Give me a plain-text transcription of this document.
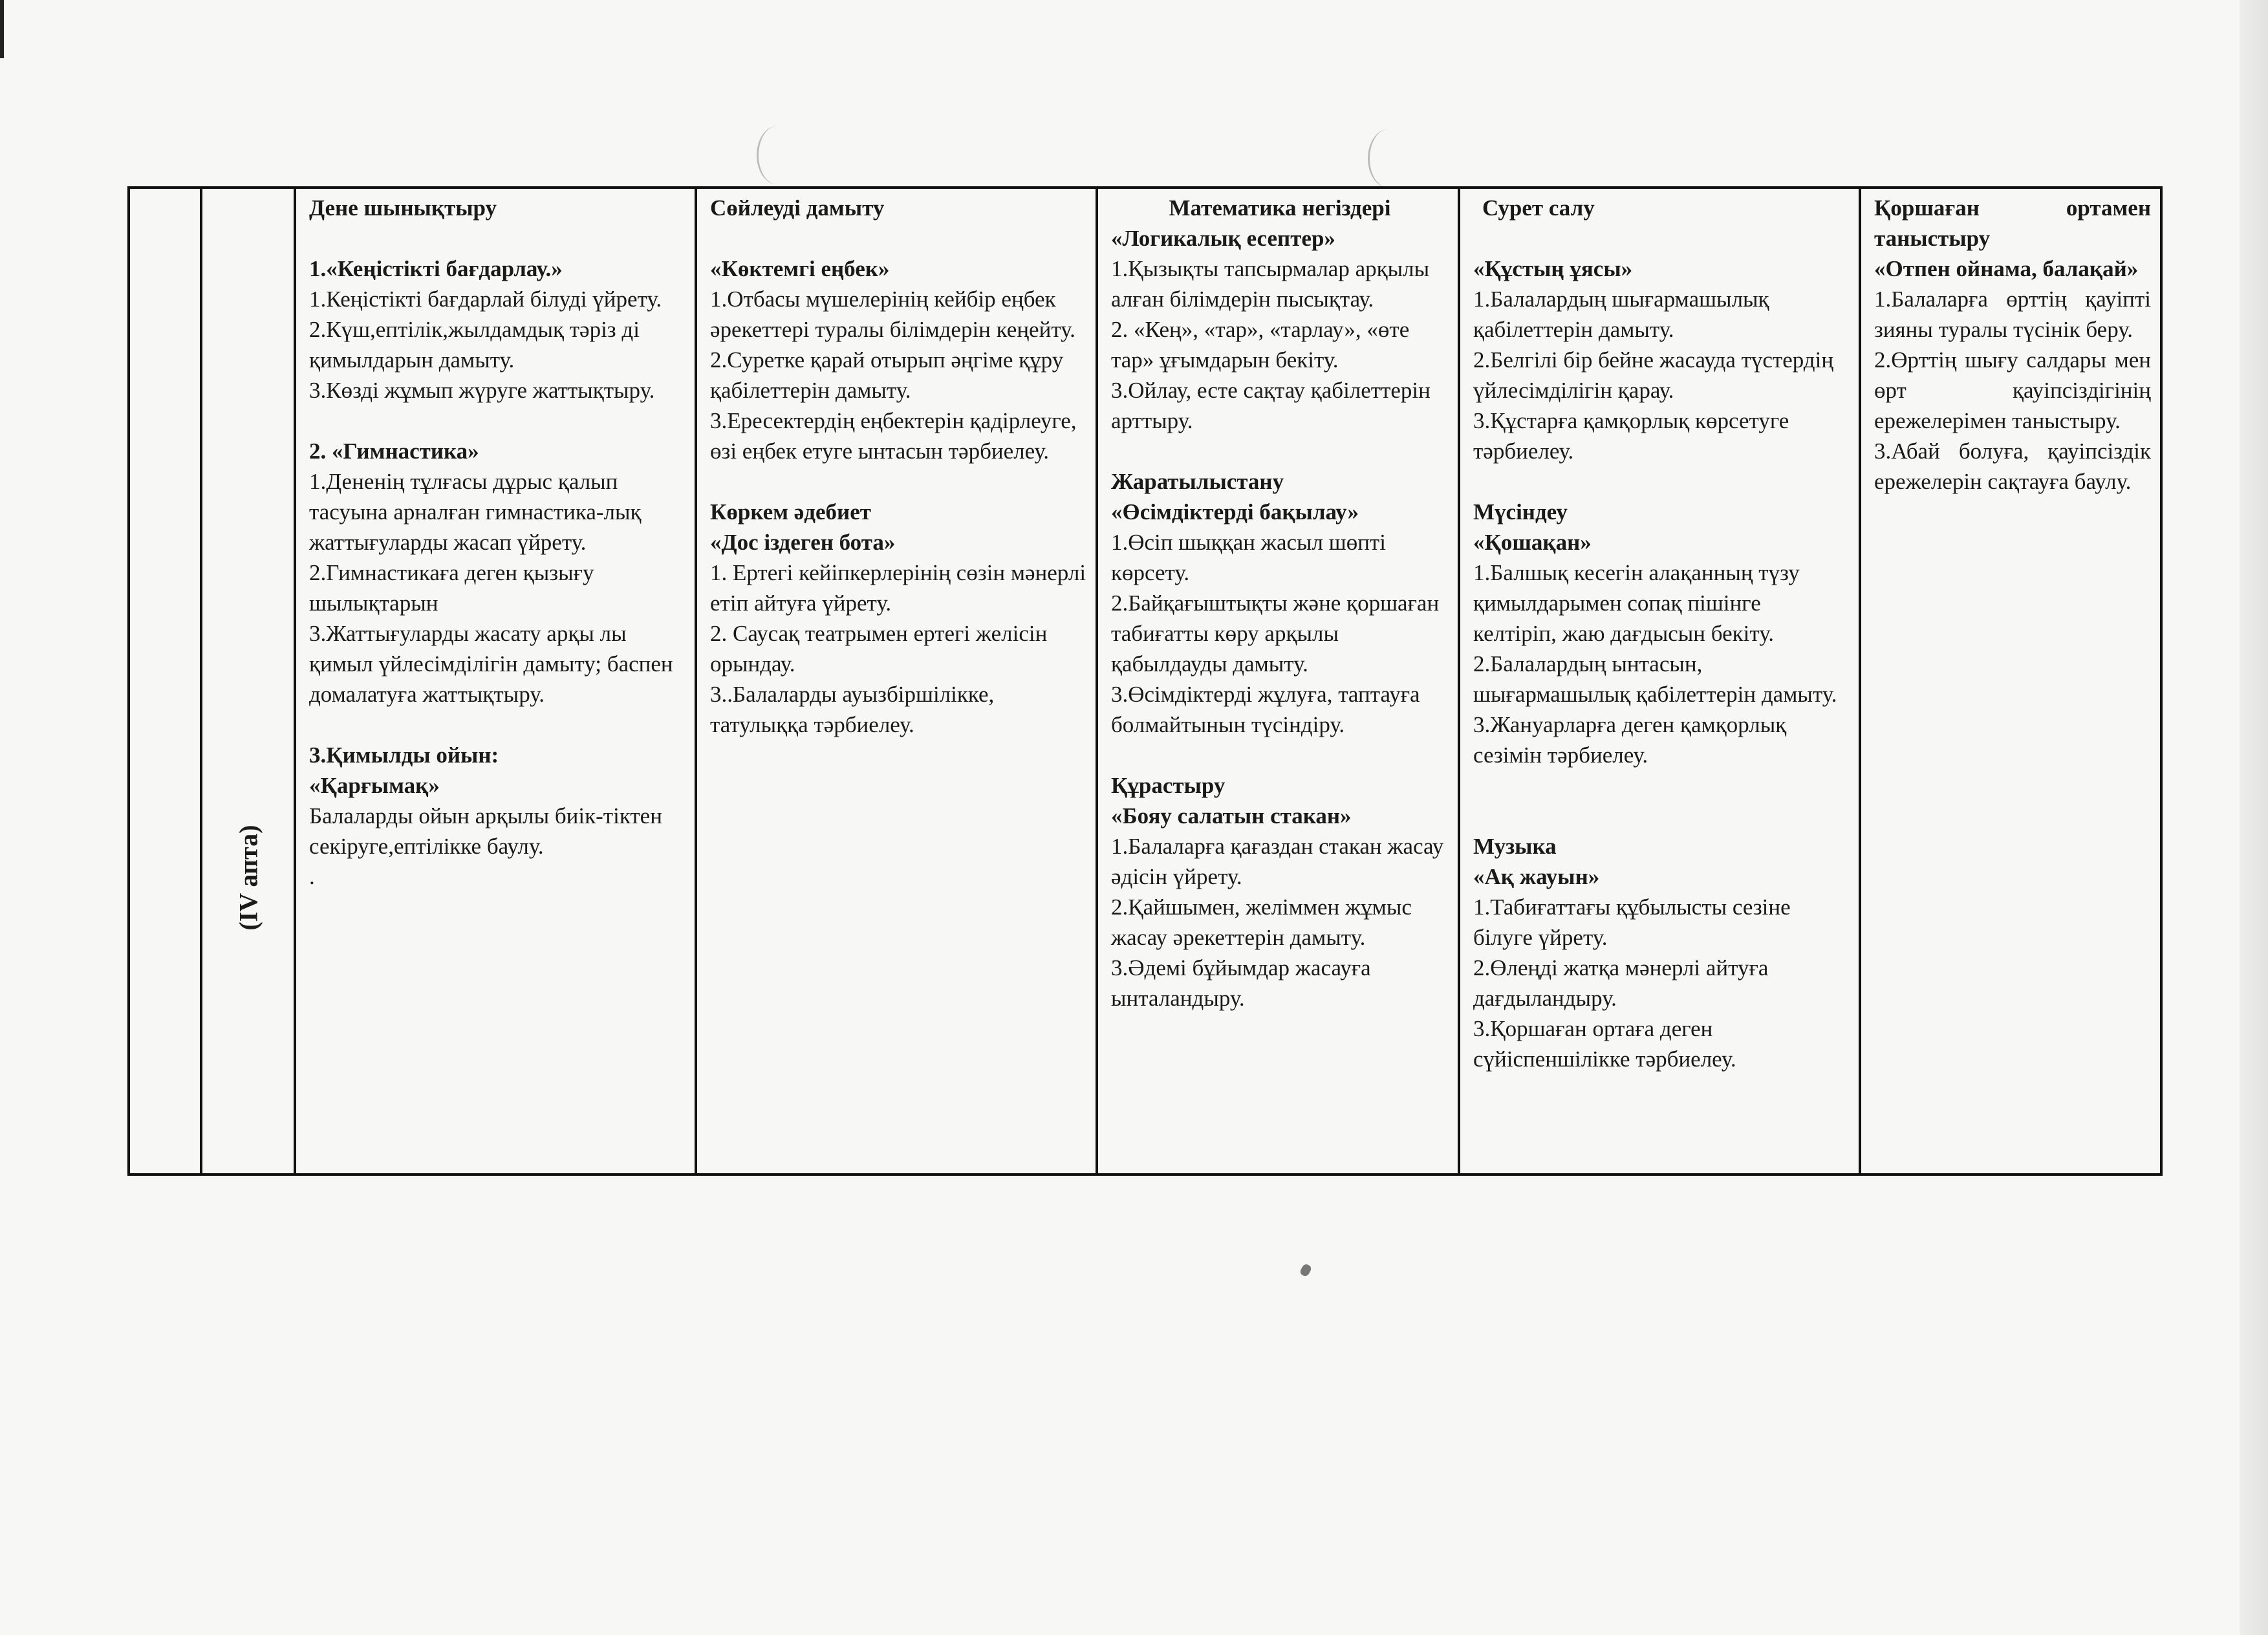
(IV апта)

Дене шынықтыру
1.«Кеңістікті бағдарлау.»
1.Кеңістікті бағдарлай білуді үйрету.
2.Күш,ептілік,жылдамдық тәріз ді қимылдарын дамыту.
3.Көзді жұмып жүруге жаттықтыру.
2. «Гимнастика»
1.Дененің тұлғасы дұрыс қалып тасуына арналған гимнастика-лық жаттығуларды жасап үйрету.
2.Гимнастикаға деген қызығу шылықтарын
3.Жаттығуларды жасату арқы лы қимыл үйлесімділігін дамыту; баспен домалатуға жаттықтыру.
3.Қимылды ойын:
«Қарғымақ»
Балаларды ойын арқылы биік-тіктен секіруге,ептілікке баулу.
.

Сөйлеуді дамыту
«Көктемгі еңбек»
1.Отбасы мүшелерінің кейбір еңбек әрекеттері туралы білімдерін кеңейту.
2.Суретке қарай отырып әңгіме құру қабілеттерін дамыту.
3.Ересектердің еңбектерін қадірлеуге, өзі еңбек етуге ынтасын тәрбиелеу.
Көркем әдебиет
«Дос іздеген бота»
1. Ертегі кейіпкерлерінің сөзін мәнерлі етіп айтуға үйрету.
2. Саусақ театрымен ертегі желісін орындау.
3..Балаларды ауызбіршілікке, татулыққа тәрбиелеу.

Математика негіздері
«Логикалық есептер»
1.Қызықты тапсырмалар арқылы алған білімдерін пысықтау.
2. «Кең», «тар», «тарлау», «өте тар» ұғымдарын бекіту.
3.Ойлау, есте сақтау қабілеттерін арттыру.
Жаратылыстану
«Өсімдіктерді бақылау»
1.Өсіп шыққан жасыл шөпті көрсету.
2.Байқағыштықты және қоршаған табиғатты көру арқылы қабылдауды дамыту.
3.Өсімдіктерді жұлуға, таптауға болмайтынын түсіндіру.
Құрастыру
«Бояу салатын стакан»
1.Балаларға қағаздан стакан жасау әдісін үйрету.
2.Қайшымен, желіммен жұмыс жасау әрекеттерін дамыту.
3.Әдемі бұйымдар жасауға ынталандыру.

Сурет салу
«Құстың ұясы»
1.Балалардың шығармашылық қабілеттерін дамыту.
2.Белгілі бір бейне жасауда түстердің үйлесімділігін қарау.
3.Құстарға қамқорлық көрсетуге тәрбиелеу.
Мүсіндеу
«Қошақан»
1.Балшық кесегін алақанның түзу қимылдарымен сопақ пішінге келтіріп, жаю дағдысын бекіту.
2.Балалардың ынтасын, шығармашылық қабілеттерін дамыту.
3.Жануарларға деген қамқорлық сезімін тәрбиелеу.
Музыка
«Ақ жауын»
1.Табиғаттағы құбылысты сезіне білуге үйрету.
2.Өлеңді жатқа мәнерлі айтуға дағдыландыру.
3.Қоршаған ортаға деген сүйіспеншілікке тәрбиелеу.

Қоршаған ортамен таныстыру
«Отпен ойнама, балақай»
1.Балаларға өрттің қауіпті зияны туралы түсінік беру.
2.Өрттің шығу салдары мен өрт қауіпсіздігінің ережелерімен таныстыру.
3.Абай болуға, қауіпсіздік ережелерін сақтауға баулу.
